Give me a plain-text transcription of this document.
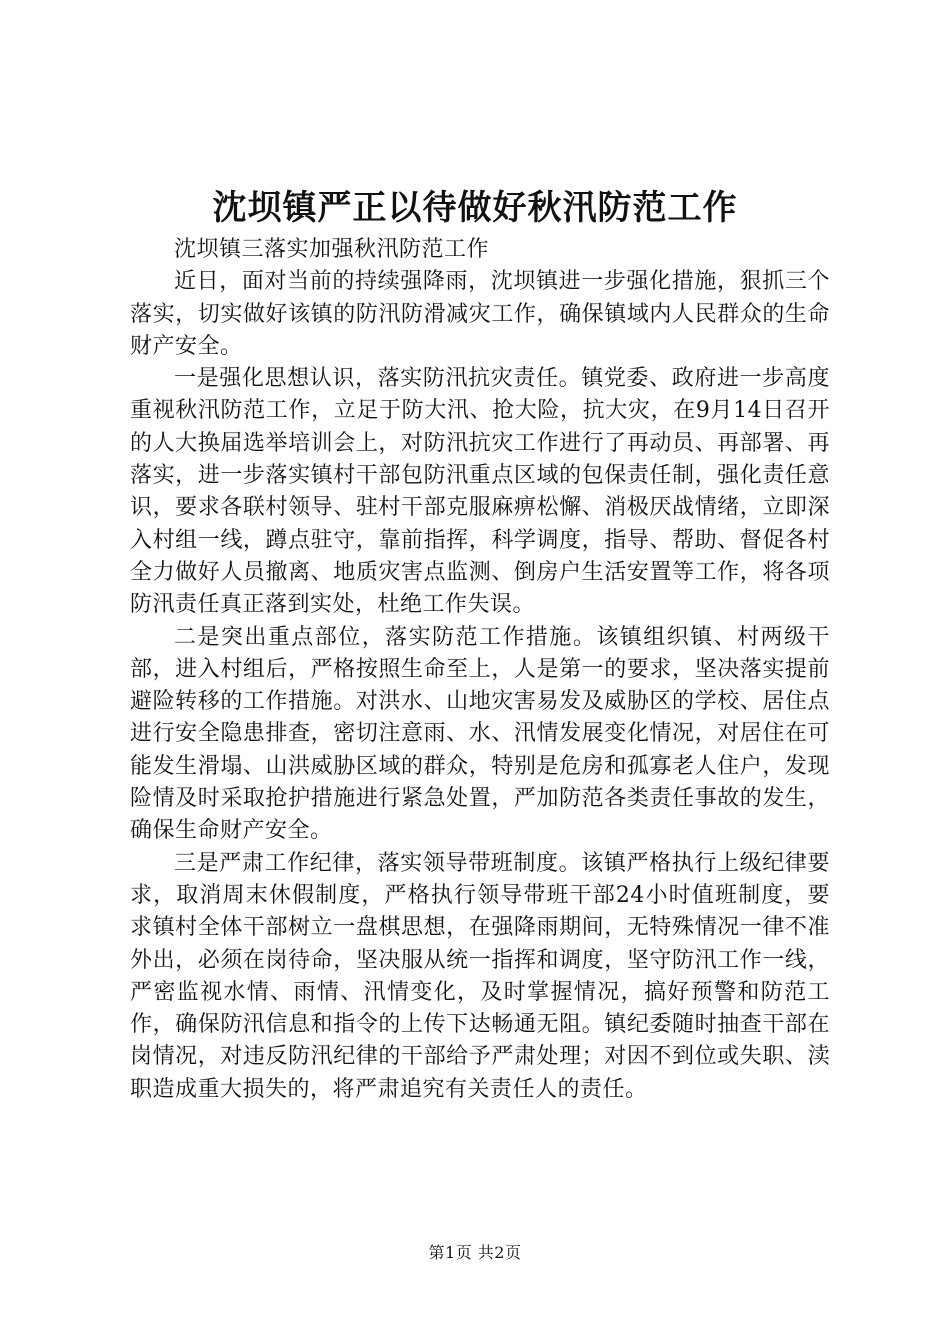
沈坝镇严正以待做好秋汛防范工作

沈坝镇三落实加强秋汛防范工作

近日，面对当前的持续强降雨，沈坝镇进一步强化措施，狠抓三个落实，切实做好该镇的防汛防滑减灾工作，确保镇域内人民群众的生命财产安全。

一是强化思想认识，落实防汛抗灾责任。镇党委、政府进一步高度重视秋汛防范工作，立足于防大汛、抢大险，抗大灾，在9月14日召开的人大换届选举培训会上，对防汛抗灾工作进行了再动员、再部署、再落实，进一步落实镇村干部包防汛重点区域的包保责任制，强化责任意识，要求各联村领导、驻村干部克服麻痹松懈、消极厌战情绪，立即深入村组一线，蹲点驻守，靠前指挥，科学调度，指导、帮助、督促各村全力做好人员撤离、地质灾害点监测、倒房户生活安置等工作，将各项防汛责任真正落到实处，杜绝工作失误。

二是突出重点部位，落实防范工作措施。该镇组织镇、村两级干部，进入村组后，严格按照生命至上，人是第一的要求，坚决落实提前避险转移的工作措施。对洪水、山地灾害易发及威胁区的学校、居住点进行安全隐患排查，密切注意雨、水、汛情发展变化情况，对居住在可能发生滑塌、山洪威胁区域的群众，特别是危房和孤寡老人住户，发现险情及时采取抢护措施进行紧急处置，严加防范各类责任事故的发生，确保生命财产安全。

三是严肃工作纪律，落实领导带班制度。该镇严格执行上级纪律要求，取消周末休假制度，严格执行领导带班干部24小时值班制度，要求镇村全体干部树立一盘棋思想，在强降雨期间，无特殊情况一律不准外出，必须在岗待命，坚决服从统一指挥和调度，坚守防汛工作一线，严密监视水情、雨情、汛情变化，及时掌握情况，搞好预警和防范工作，确保防汛信息和指令的上传下达畅通无阻。镇纪委随时抽查干部在岗情况，对违反防汛纪律的干部给予严肃处理；对因不到位或失职、渎职造成重大损失的，将严肃追究有关责任人的责任。

第1页 共2页
